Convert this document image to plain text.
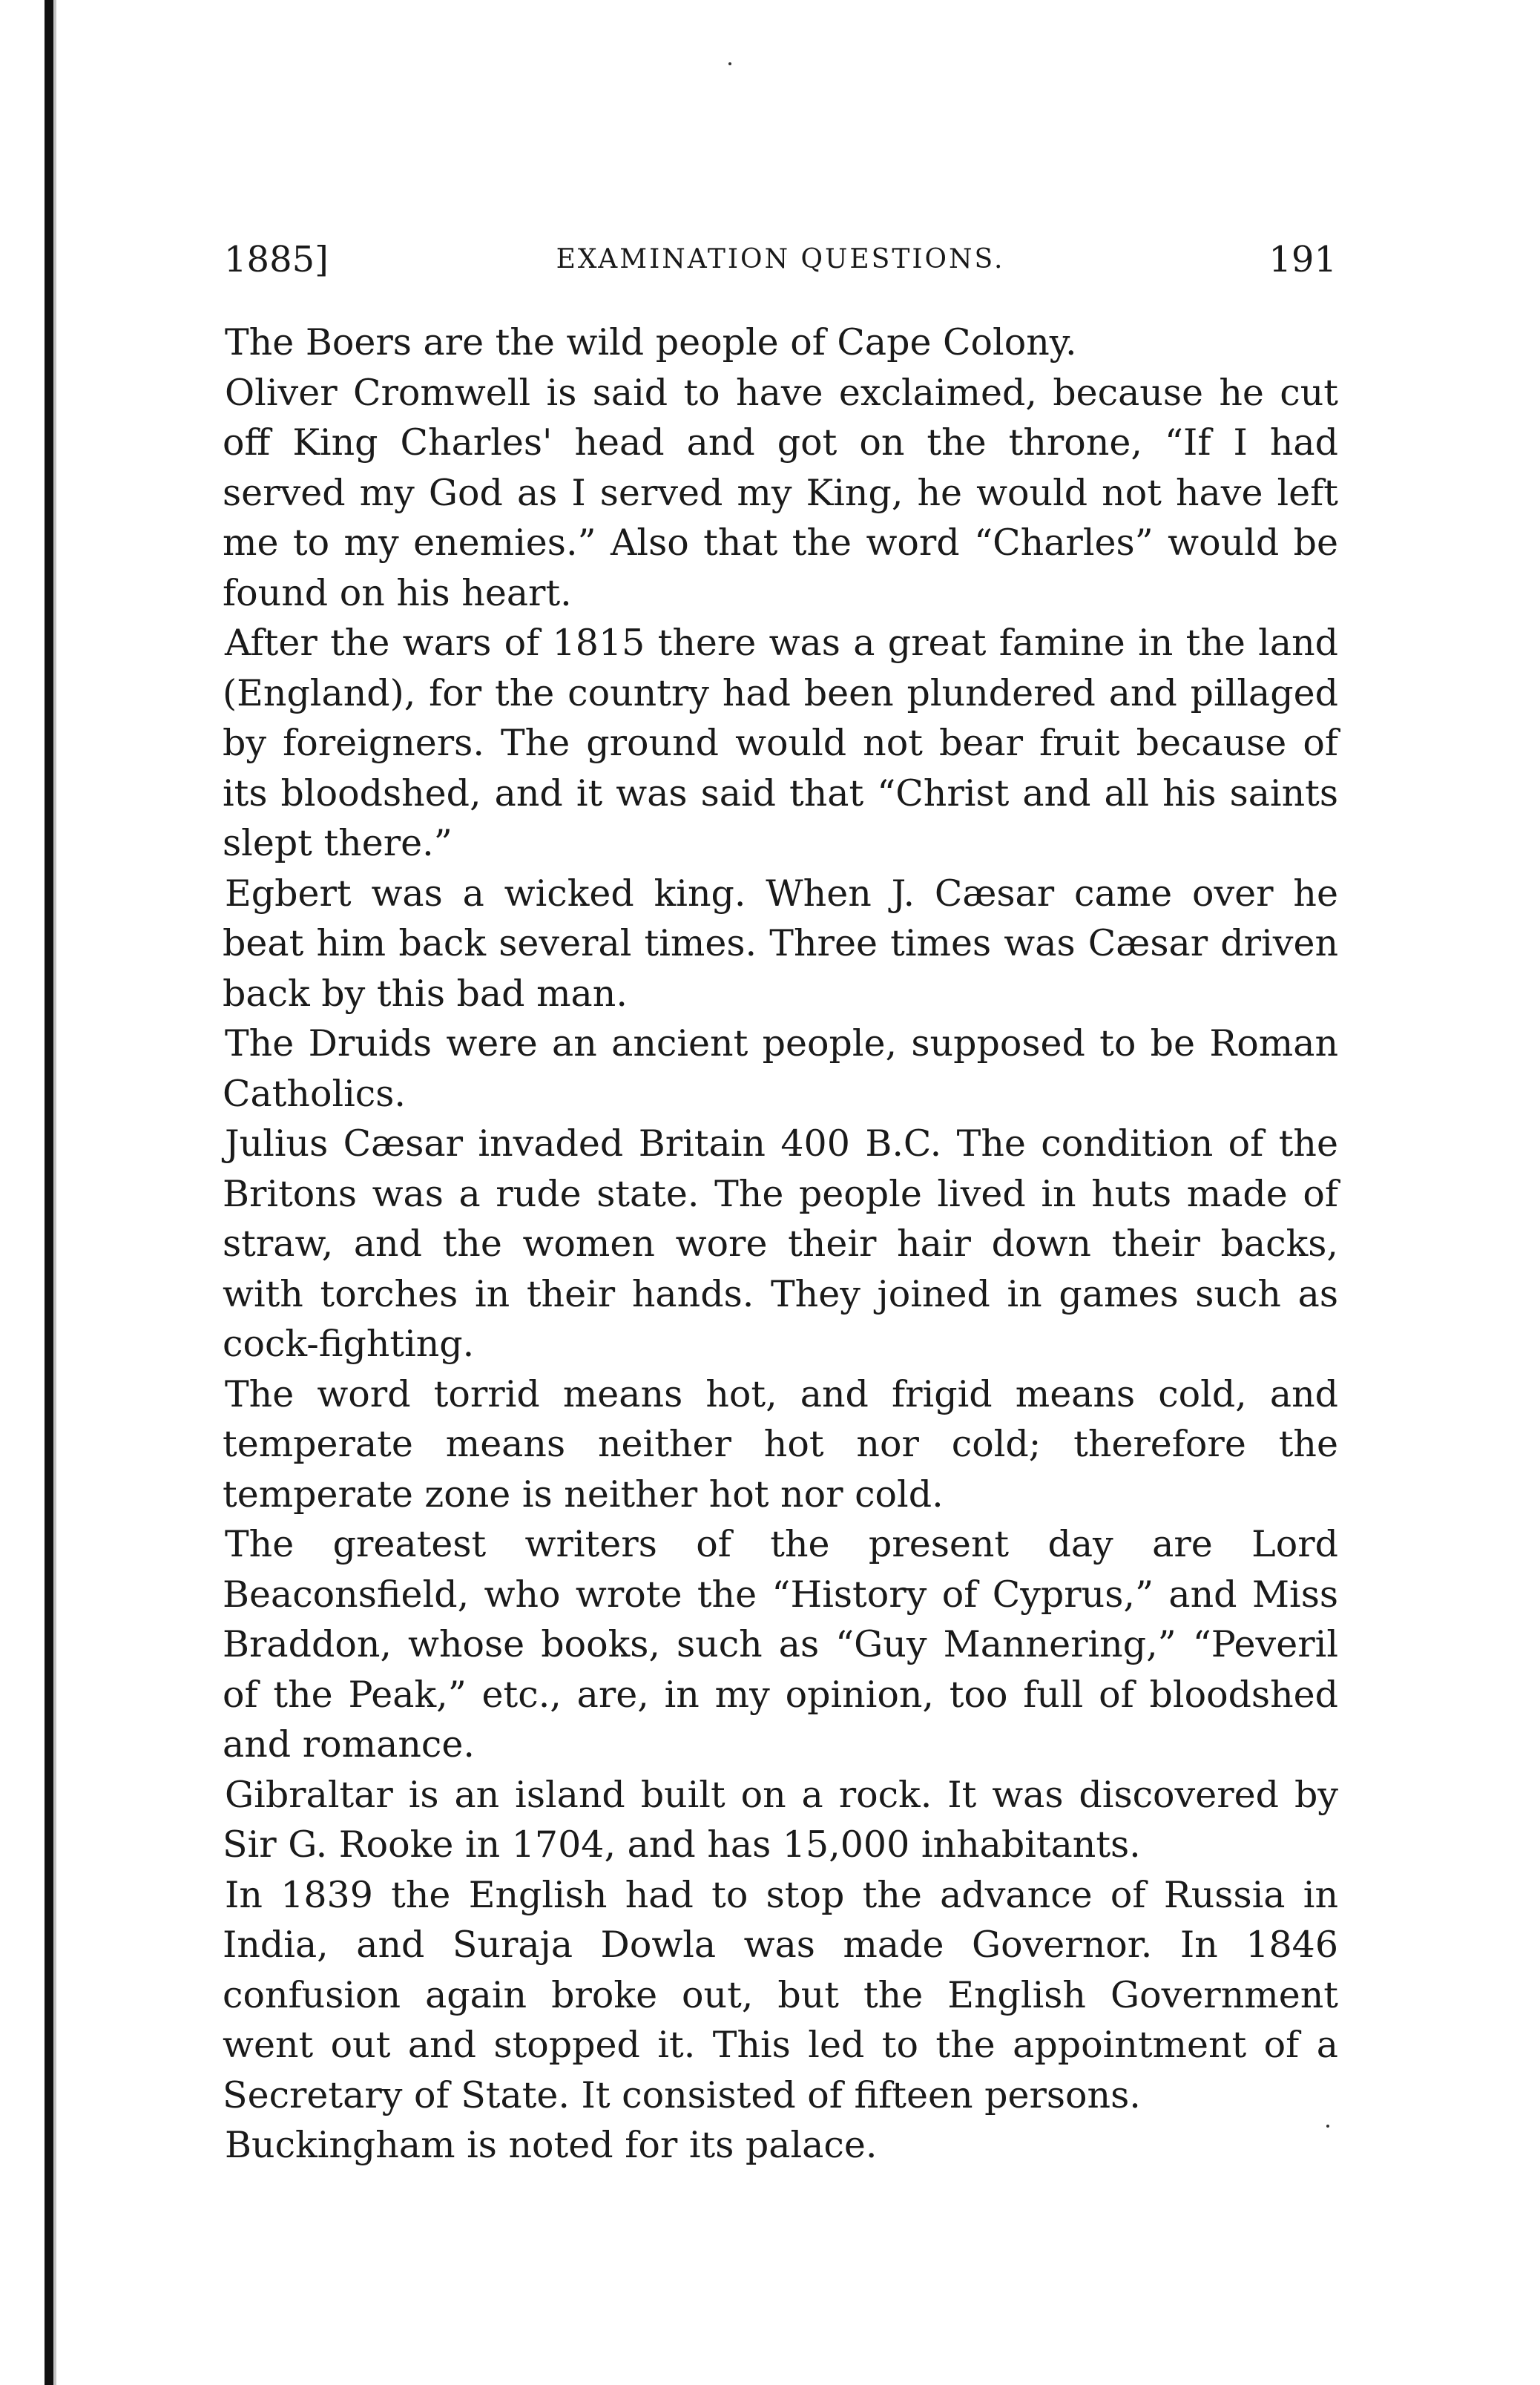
1885]	EXAMINATION QUESTIONS.	191

The Boers are the wild people of Cape Colony.

Oliver Cromwell is said to have exclaimed, because he cut off King Charles' head and got on the throne, “If I had served my God as I served my King, he would not have left me to my enemies.” Also that the word “Charles” would be found on his heart.

After the wars of 1815 there was a great famine in the land (England), for the country had been plundered and pillaged by foreigners. The ground would not bear fruit because of its bloodshed, and it was said that “Christ and all his saints slept there.”

Egbert was a wicked king. When J. Cæsar came over he beat him back several times. Three times was Cæsar driven back by this bad man.

The Druids were an ancient people, supposed to be Roman Catholics.

Julius Cæsar invaded Britain 400 B.C. The condition of the Britons was a rude state. The people lived in huts made of straw, and the women wore their hair down their backs, with torches in their hands. They joined in games such as cock-fighting.

The word torrid means hot, and frigid means cold, and temperate means neither hot nor cold; therefore the temperate zone is neither hot nor cold.

The greatest writers of the present day are Lord Beaconsfield, who wrote the “History of Cyprus,” and Miss Braddon, whose books, such as “Guy Mannering,” “Peveril of the Peak,” etc., are, in my opinion, too full of bloodshed and romance.

Gibraltar is an island built on a rock. It was discovered by Sir G. Rooke in 1704, and has 15,000 inhabitants.

In 1839 the English had to stop the advance of Russia in India, and Suraja Dowla was made Governor. In 1846 confusion again broke out, but the English Government went out and stopped it. This led to the appointment of a Secretary of State. It consisted of fifteen persons.

Buckingham is noted for its palace.
